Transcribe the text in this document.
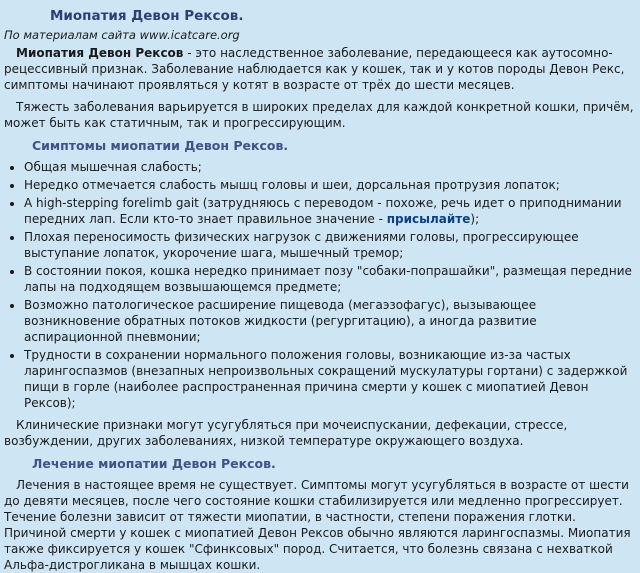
Миопатия Девон Рексов.
По материалам сайта www.icatcare.org

Миопатия Девон Рексов - это наследственное заболевание, передающееся как аутосомно-рецессивный признак. Заболевание наблюдается как у кошек, так и у котов породы Девон Рекс, симптомы начинают проявляться у котят в возрасте от трёх до шести месяцев.

Тяжесть заболевания варьируется в широких пределах для каждой конкретной кошки, причём, может быть как статичным, так и прогрессирующим.

Симптомы миопатии Девон Рексов.
• Общая мышечная слабость;
• Нередко отмечается слабость мышц головы и шеи, дорсальная протрузия лопаток;
• A high-stepping forelimb gait (затрудняюсь с переводом - похоже, речь идет о приподнимании передних лап. Если кто-то знает правильное значение - присылайте);
• Плохая переносимость физических нагрузок с движениями головы, прогрессирующее выступание лопаток, укорочение шага, мышечный тремор;
• В состоянии покоя, кошка нередко принимает позу "собаки-попрашайки", размещая передние лапы на подходящем возвышающемся предмете;
• Возможно патологическое расширение пищевода (мегаэзофагус), вызывающее возникновение обратных потоков жидкости (регургитацию), а иногда развитие аспирационной пневмонии;
• Трудности в сохранении нормального положения головы, возникающие из-за частых ларингоспазмов (внезапных непроизвольных сокращений мускулатуры гортани) с задержкой пищи в горле (наиболее распространенная причина смерти у кошек с миопатией Девон Рексов);

Клинические признаки могут усугубляться при мочеиспускании, дефекации, стрессе, возбуждении, других заболеваниях, низкой температуре окружающего воздуха.

Лечение миопатии Девон Рексов.

Лечения в настоящее время не существует. Симптомы могут усугубляться в возрасте от шести до девяти месяцев, после чего состояние кошки стабилизируется или медленно прогрессирует. Течение болезни зависит от тяжести миопатии, в частности, степени поражения глотки. Причиной смерти у кошек с миопатией Девон Рексов обычно являются ларингоспазмы. Миопатия также фиксируется у кошек "Сфинксовых" пород. Считается, что болезнь связана с нехваткой Альфа-дистрогликана в мышцах кошки.
